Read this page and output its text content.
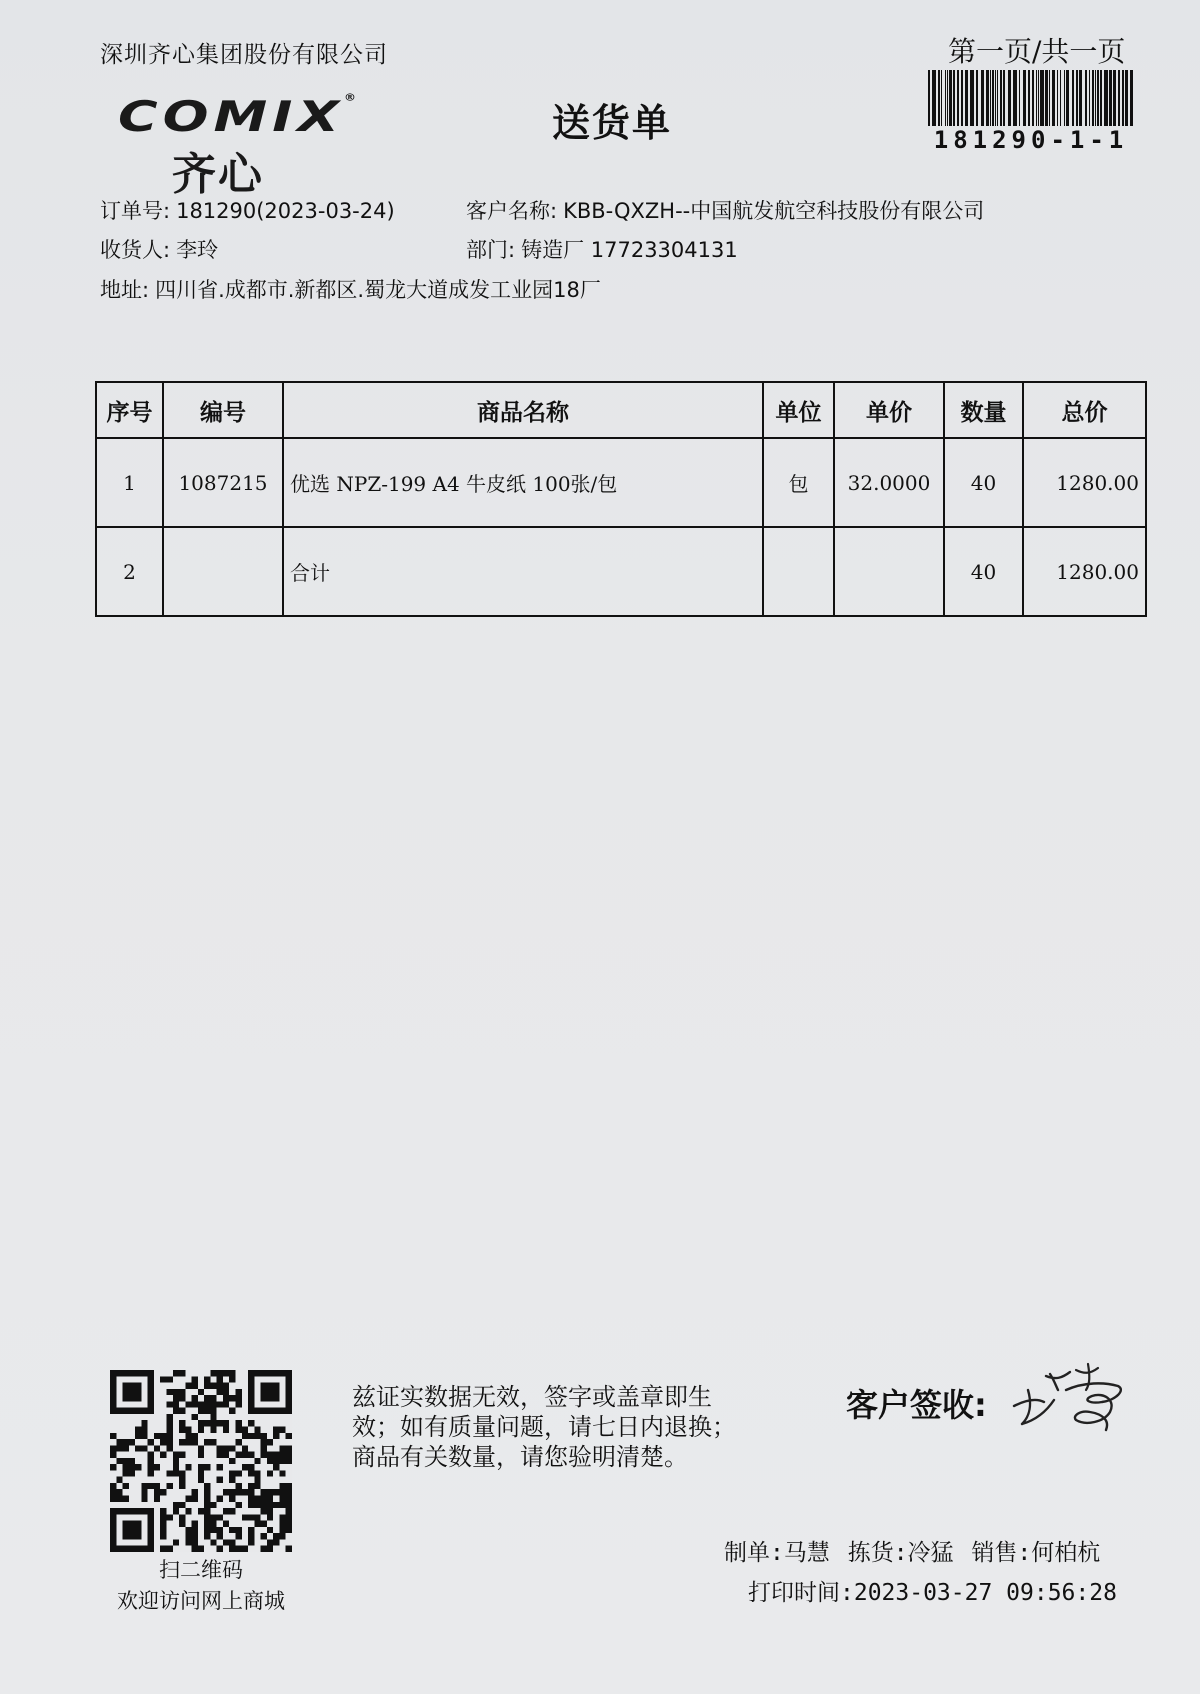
深圳齐心集团股份有限公司	第一页/共一页
181290-1-1
COMIX®
齐心
送货单
订单号: 181290(2023-03-24)	客户名称: KBB-QXZH--中国航发航空科技股份有限公司
收货人: 李玲	部门: 铸造厂 17723304131
地址: 四川省.成都市.新都区.蜀龙大道成发工业园18厂
序号	编号	商品名称	单位	单价	数量	总价
1	1087215	优选 NPZ-199 A4 牛皮纸 100张/包	包	32.0000	40	1280.00
2		合计			40	1280.00
扫二维码
欢迎访问网上商城
兹证实数据无效，签字或盖章即生
效；如有质量问题，请七日内退换；
商品有关数量，请您验明清楚。
客户签收:
制单:马慧 拣货:冷猛 销售:何柏杭
打印时间:2023-03-27 09:56:28
